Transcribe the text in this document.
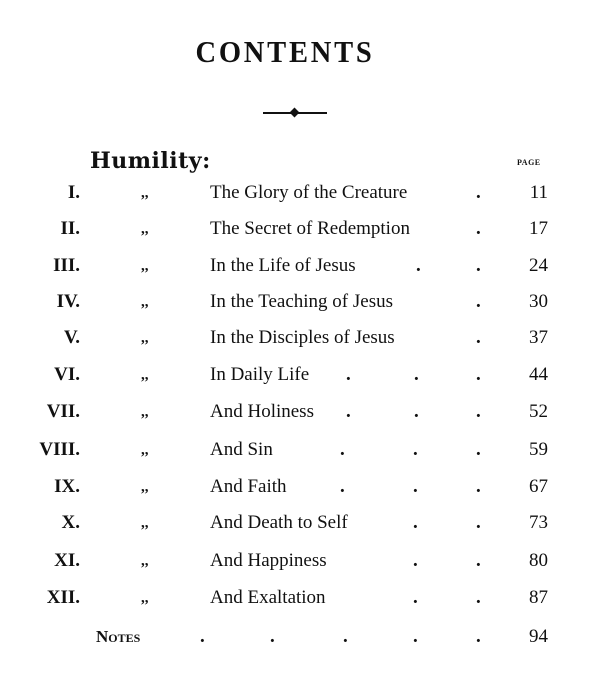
CONTENTS
Humility:	PAGE
I.	,,	The Glory of the Creature	.	11
II.	,,	The Secret of Redemption	.	17
III.	,,	In the Life of Jesus	.	.	24
IV.	,,	In the Teaching of Jesus	.	30
V.	,,	In the Disciples of Jesus	.	37
VI.	,,	In Daily Life .	.	.	44
VII.	,,	And Holiness .	.	.	52
VIII.	,,	And Sin	.	.	.	59
IX.	,,	And Faith	.	.	.	67
X.	,,	And Death to Self	.	.	73
XI.	,,	And Happiness	.	.	80
XII.	,,	And Exaltation	.	.	87
Notes	.	.	.	.	.	94
